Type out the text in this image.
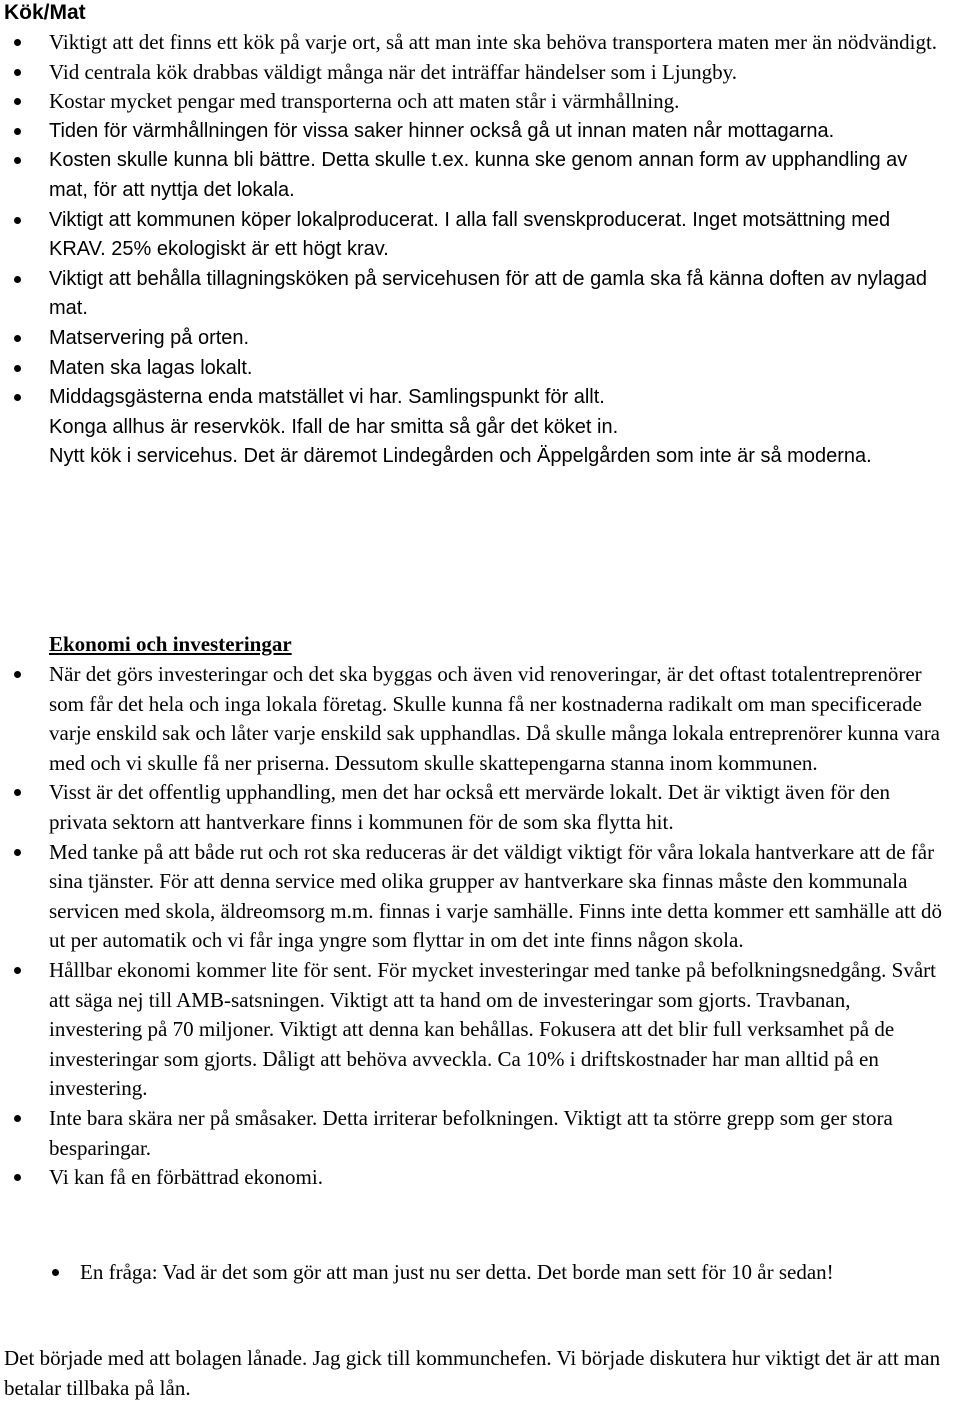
Kök/Mat
Viktigt att det finns ett kök på varje ort, så att man inte ska behöva transportera maten mer än nödvändigt.
Vid centrala kök drabbas väldigt många när det inträffar händelser som i Ljungby.
Kostar mycket pengar med transporterna och att maten står i värmhållning.
Tiden för värmhållningen för vissa saker hinner också gå ut innan maten når mottagarna.
Kosten skulle kunna bli bättre. Detta skulle t.ex. kunna ske genom annan form av upphandling av mat, för att nyttja det lokala.
Viktigt att kommunen köper lokalproducerat. I alla fall svenskproducerat. Inget motsättning med KRAV. 25% ekologiskt är ett högt krav.
Viktigt att behålla tillagningsköken på servicehusen för att de gamla ska få känna doften av nylagad mat.
Matservering på orten.
Maten ska lagas lokalt.
Middagsgästerna enda matstället vi har. Samlingspunkt för allt.
Konga allhus är reservkök. Ifall de har smitta så går det köket in.
Nytt kök i servicehus. Det är däremot Lindegården och Äppelgården som inte är så moderna.
Ekonomi och investeringar
När det görs investeringar och det ska byggas och även vid renoveringar, är det oftast totalentreprenörer som får det hela och inga lokala företag. Skulle kunna få ner kostnaderna radikalt om man specificerade varje enskild sak och låter varje enskild sak upphandlas. Då skulle många lokala entreprenörer kunna vara med och vi skulle få ner priserna. Dessutom skulle skattepengarna stanna inom kommunen.
Visst är det offentlig upphandling, men det har också ett mervärde lokalt. Det är viktigt även för den privata sektorn att hantverkare finns i kommunen för de som ska flytta hit.
Med tanke på att både rut och rot ska reduceras är det väldigt viktigt för våra lokala hantverkare att de får sina tjänster. För att denna service med olika grupper av hantverkare ska finnas måste den kommunala servicen med skola, äldreomsorg m.m. finnas i varje samhälle. Finns inte detta kommer ett samhälle att dö ut per automatik och vi får inga yngre som flyttar in om det inte finns någon skola.
Hållbar ekonomi kommer lite för sent. För mycket investeringar med tanke på befolkningsnedgång. Svårt att säga nej till AMB-satsningen. Viktigt att ta hand om de investeringar som gjorts. Travbanan, investering på 70 miljoner. Viktigt att denna kan behållas. Fokusera att det blir full verksamhet på de investeringar som gjorts. Dåligt att behöva avveckla. Ca 10% i driftskostnader har man alltid på en investering.
Inte bara skära ner på småsaker. Detta irriterar befolkningen. Viktigt att ta större grepp som ger stora besparingar.
Vi kan få en förbättrad ekonomi.
En fråga: Vad är det som gör att man just nu ser detta. Det borde man sett för 10 år sedan!
Det började med att bolagen lånade. Jag gick till kommunchefen. Vi började diskutera hur viktigt det är att man betalar tillbaka på lån.
